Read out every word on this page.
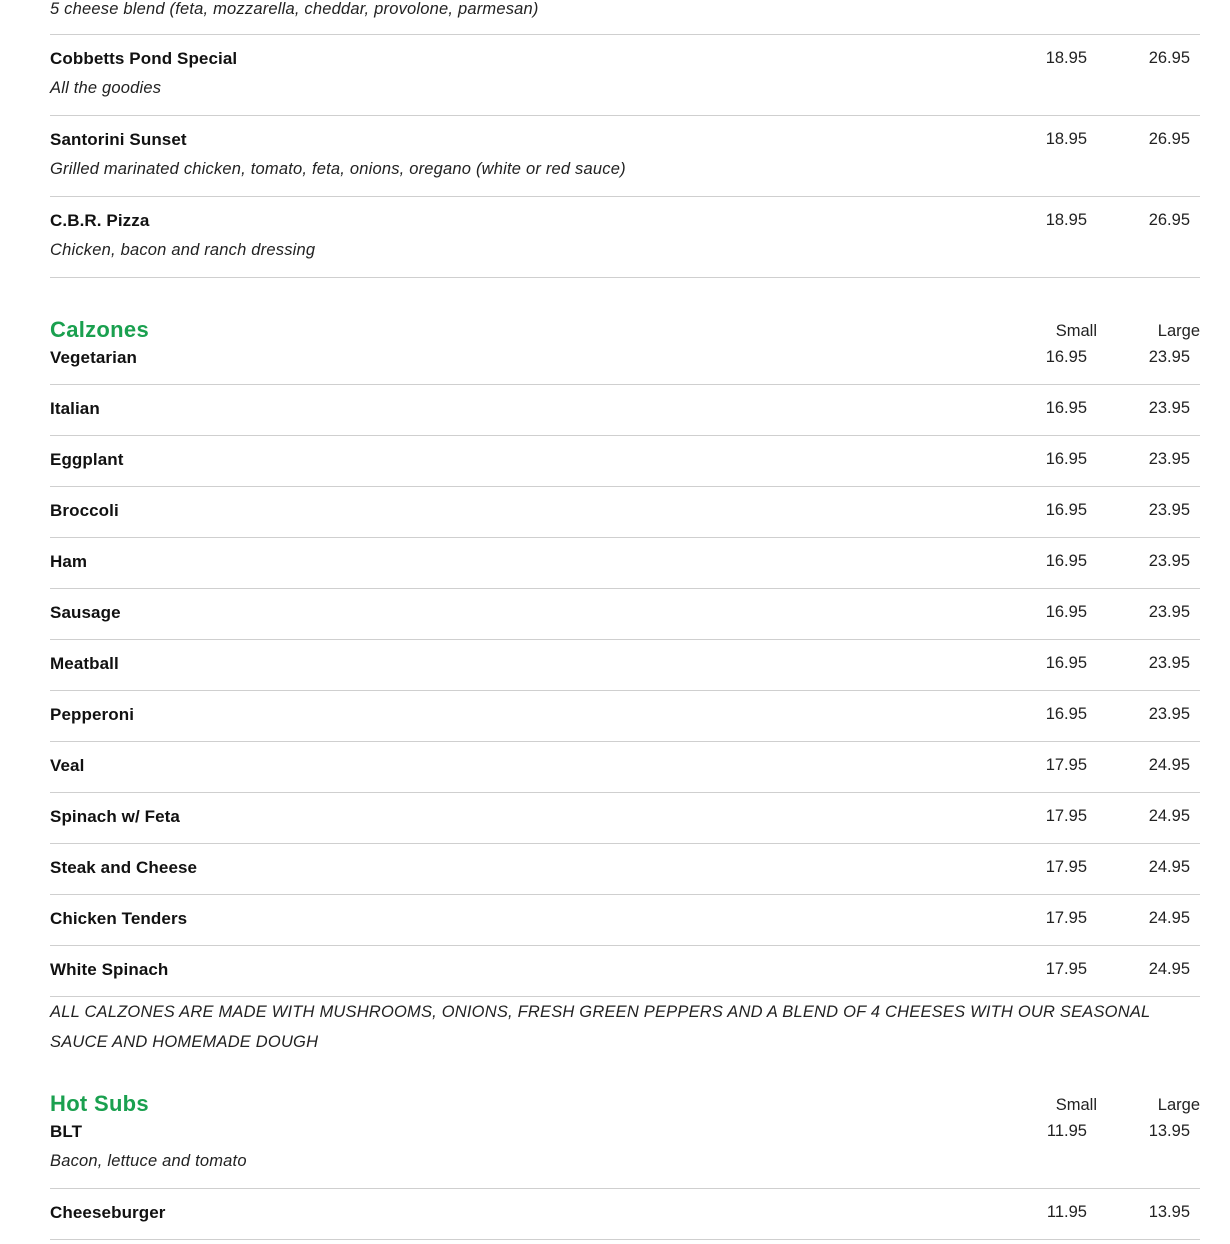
5 cheese blend (feta, mozzarella, cheddar, provolone, parmesan)
Cobbetts Pond Special	18.95	26.95
All the goodies
Santorini Sunset	18.95	26.95
Grilled marinated chicken, tomato, feta, onions, oregano (white or red sauce)
C.B.R. Pizza	18.95	26.95
Chicken, bacon and ranch dressing
Calzones	Small	Large
Vegetarian	16.95	23.95
Italian	16.95	23.95
Eggplant	16.95	23.95
Broccoli	16.95	23.95
Ham	16.95	23.95
Sausage	16.95	23.95
Meatball	16.95	23.95
Pepperoni	16.95	23.95
Veal	17.95	24.95
Spinach w/ Feta	17.95	24.95
Steak and Cheese	17.95	24.95
Chicken Tenders	17.95	24.95
White Spinach	17.95	24.95
ALL CALZONES ARE MADE WITH MUSHROOMS, ONIONS, FRESH GREEN PEPPERS AND A BLEND OF 4 CHEESES WITH OUR SEASONAL SAUCE AND HOMEMADE DOUGH
Hot Subs	Small	Large
BLT	11.95	13.95
Bacon, lettuce and tomato
Cheeseburger	11.95	13.95
